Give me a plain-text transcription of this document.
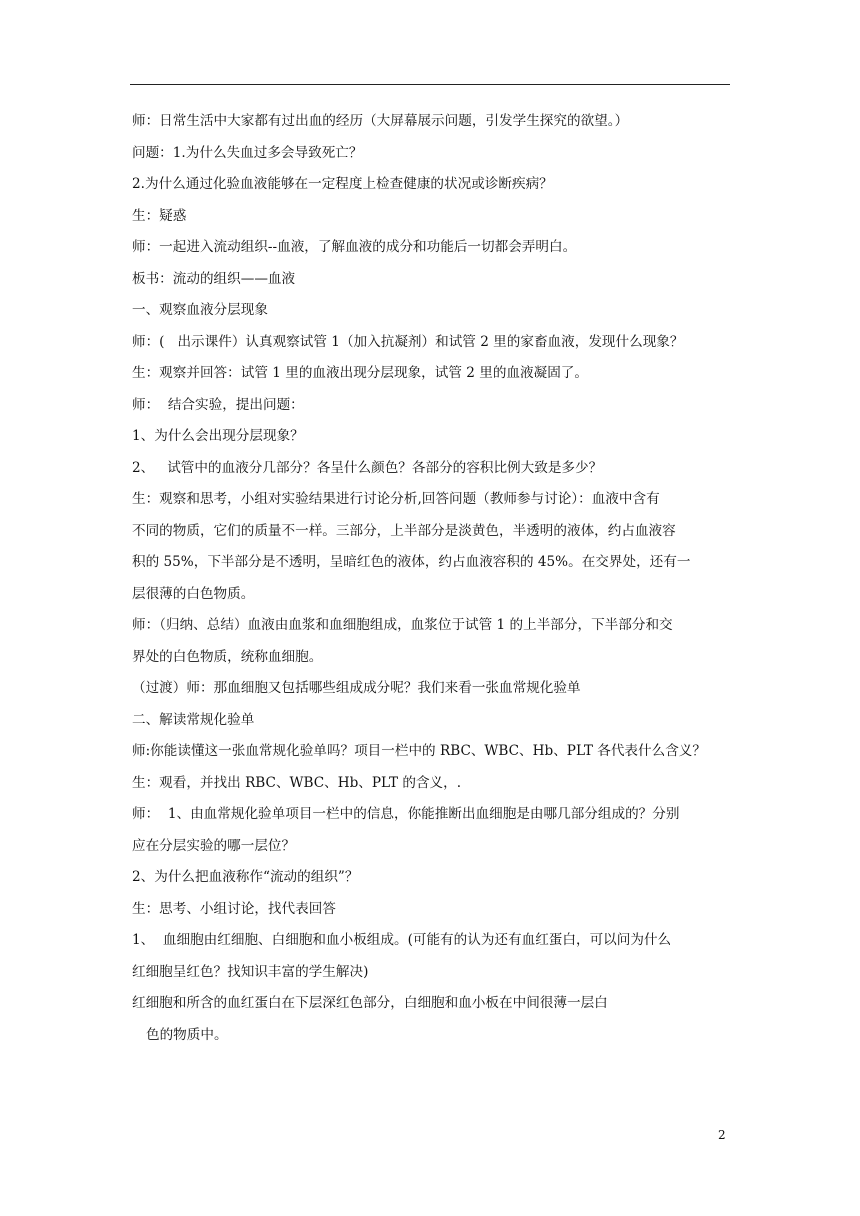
师：日常生活中大家都有过出血的经历（大屏幕展示问题，引发学生探究的欲望。）

问题：1.为什么失血过多会导致死亡？

2.为什么通过化验血液能够在一定程度上检查健康的状况或诊断疾病？

生：疑惑

师：一起进入流动组织--血液，了解血液的成分和功能后一切都会弄明白。

板书：流动的组织——血液

一、观察血液分层现象

师：(   出示课件）认真观察试管 1（加入抗凝剂）和试管 2 里的家畜血液，发现什么现象？

生：观察并回答：试管 1 里的血液出现分层现象，试管 2 里的血液凝固了。

师：  结合实验，提出问题：

1、为什么会出现分层现象？

2、   试管中的血液分几部分？各呈什么颜色？各部分的容积比例大致是多少？

生：观察和思考，小组对实验结果进行讨论分析,回答问题（教师参与讨论）：血液中含有

不同的物质，它们的质量不一样。三部分，上半部分是淡黄色，半透明的液体，约占血液容

积的 55%，下半部分是不透明，呈暗红色的液体，约占血液容积的 45%。在交界处，还有一

层很薄的白色物质。

师：（归纳、总结）血液由血浆和血细胞组成，血浆位于试管 1 的上半部分，下半部分和交

界处的白色物质，统称血细胞。

（过渡）师：那血细胞又包括哪些组成成分呢？我们来看一张血常规化验单

二、解读常规化验单

师:你能读懂这一张血常规化验单吗？项目一栏中的 RBC、WBC、Hb、PLT 各代表什么含义？

生：观看，并找出 RBC、WBC、Hb、PLT 的含义，.

师：  1、由血常规化验单项目一栏中的信息，你能推断出血细胞是由哪几部分组成的？分别

应在分层实验的哪一层位？

2、为什么把血液称作“流动的组织”？

生：思考、小组讨论，找代表回答

1、  血细胞由红细胞、白细胞和血小板组成。(可能有的认为还有血红蛋白，可以问为什么

红细胞呈红色？找知识丰富的学生解决)

红细胞和所含的血红蛋白在下层深红色部分，白细胞和血小板在中间很薄一层白

色的物质中。

2
